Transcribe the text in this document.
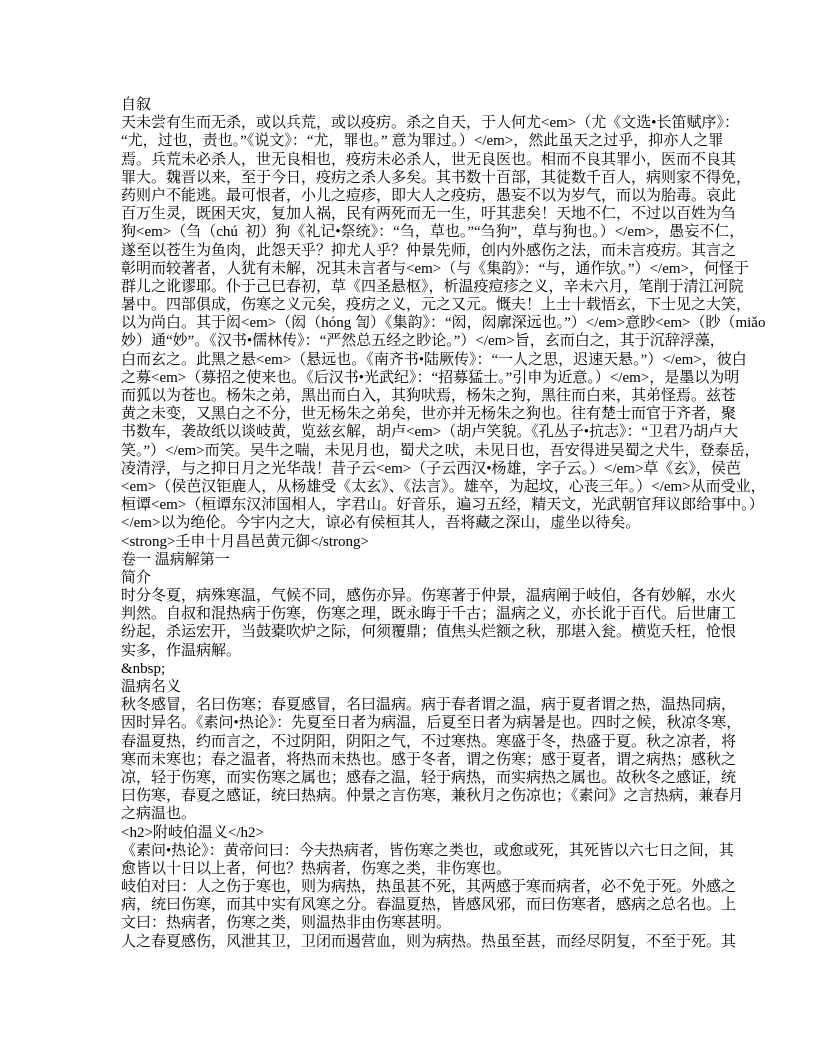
自叙
天未尝有生而无杀，或以兵荒，或以疫疠。杀之自天，于人何尤<em>（尤《文选•长笛赋序》：
“尤，过也，责也。”《说文》：“尤，罪也。” 意为罪过。）</em>，然此虽天之过乎，抑亦人之罪
焉。兵荒未必杀人，世无良相也，疫疠未必杀人，世无良医也。相而不良其罪小，医而不良其
罪大。魏晋以来，至于今日，疫疠之杀人多矣。其书数十百部，其徒数千百人，病则家不得免，
药则户不能逃。最可恨者，小儿之痘疹，即大人之疫疠，愚妄不以为岁气，而以为胎毒。哀此
百万生灵，既困天灾，复加人祸，民有两死而无一生，吁其悲矣！天地不仁，不过以百姓为刍
狗<em>（刍（chú  初）狗《礼记•祭统》：“刍，草也。”“刍狗”，草与狗也。）</em>，愚妄不仁，
遂至以苍生为鱼肉，此怨天乎？抑尤人乎？仲景先师，创内外感伤之法，而未言疫疠。其言之
彰明而较著者，人犹有未解，况其未言者与<em>（与《集韵》：“与，通作欤。”）</em>，何怪于
群儿之讹谬耶。仆于己巳春初，草《四圣悬枢》，析温疫痘疹之义，辛未六月，笔削于清江河院
暑中。四部俱成，伤寒之义元矣，疫疠之义，元之又元。慨夫！上士十载悟玄，下士见之大笑，
以为尚白。其于闳<em>（闳（hóng 訇）《集韵》：“闳，闳廓深远也。”）</em>意眇<em>（眇（miǎo
妙）通“妙”。《汉书•儒林传》：“严然总五经之眇论。”）</em>旨，玄而白之，其于沉辞浮藻，
白而玄之。此黑之悬<em>（悬远也。《南齐书•陆厥传》：“一人之思，迟速天悬。”）</em>，彼白
之募<em>（募招之使来也。《后汉书•光武纪》：“招募猛士。”引申为近意。）</em>，是墨以为明
而狐以为苍也。杨朱之弟，黑出而白入，其狗吠焉，杨朱之狗，黑往而白来，其弟怪焉。兹苍
黄之未变，又黑白之不分，世无杨朱之弟矣，世亦并无杨朱之狗也。往有楚士而官于齐者，聚
书数车，袭故纸以谈岐黄，览兹玄解，胡卢<em>（胡卢笑貌。《孔丛子•抗志》：“卫君乃胡卢大
笑。”）</em>而笑。吴牛之喘，未见月也，蜀犬之吠，未见日也，吾安得进吴蜀之犬牛，登泰岳，
凌清浮，与之抑日月之光华哉！昔子云<em>（子云西汉•杨雄，字子云。）</em>草《玄》，侯芭
<em>（侯芭汉钜鹿人，从杨雄受《太玄》、《法言》。雄卒，为起坟，心丧三年。）</em>从而受业，
桓谭<em>（桓谭东汉沛国相人，字君山。好音乐，遍习五经，精天文，光武朝官拜议郎给事中。）
</em>以为绝伦。今宇内之大，谅必有侯桓其人，吾将藏之深山，虚坐以待矣。
<strong>壬申十月昌邑黄元御</strong>
卷一 温病解第一
简介
时分冬夏，病殊寒温，气候不同，感伤亦异。伤寒著于仲景，温病阐于岐伯，各有妙解，水火
判然。自叔和混热病于伤寒，伤寒之理，既永晦于千古；温病之义，亦长讹于百代。后世庸工
纷起，杀运宏开，当鼓橐吹炉之际，何须覆鼎；值焦头烂额之秋，那堪入瓮。横览夭枉，怆恨
实多，作温病解。
&nbsp;
温病名义
秋冬感冒，名曰伤寒；春夏感冒，名曰温病。病于春者谓之温，病于夏者谓之热，温热同病，
因时异名。《素问•热论》：先夏至日者为病温，后夏至日者为病暑是也。四时之候，秋凉冬寒，
春温夏热，约而言之，不过阴阳，阴阳之气，不过寒热。寒盛于冬，热盛于夏。秋之凉者，将
寒而未寒也；春之温者，将热而未热也。感于冬者，谓之伤寒；感于夏者，谓之病热；感秋之
凉，轻于伤寒，而实伤寒之属也；感春之温，轻于病热，而实病热之属也。故秋冬之感证，统
曰伤寒，春夏之感证，统曰热病。仲景之言伤寒，兼秋月之伤凉也；《素问》之言热病，兼春月
之病温也。
<h2>附岐伯温义</h2>
《素问•热论》：黄帝问曰：今夫热病者，皆伤寒之类也，或愈或死，其死皆以六七日之间，其
愈皆以十日以上者，何也？热病者，伤寒之类，非伤寒也。
岐伯对曰：人之伤于寒也，则为病热，热虽甚不死，其两感于寒而病者，必不免于死。外感之
病，统曰伤寒，而其中实有风寒之分。春温夏热，皆感风邪，而曰伤寒者，感病之总名也。上
文曰：热病者，伤寒之类，则温热非由伤寒甚明。
人之春夏感伤，风泄其卫，卫闭而遏营血，则为病热。热虽至甚，而经尽阴复，不至于死。其
